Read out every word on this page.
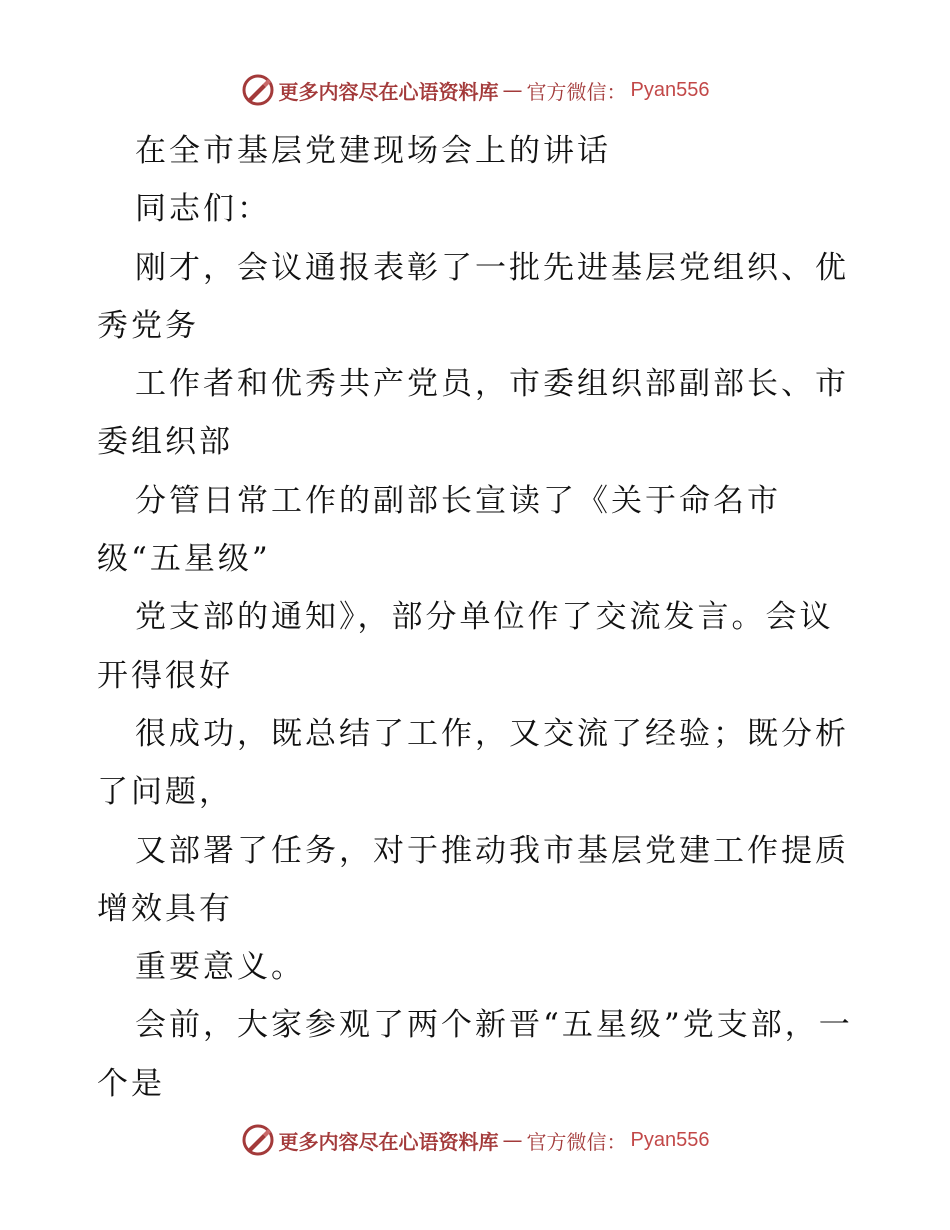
更多内容尽在心语资料库 — 官方微信： Pyan556

在全市基层党建现场会上的讲话

同志们：

刚才，会议通报表彰了一批先进基层党组织、优秀党务

工作者和优秀共产党员，市委组织部副部长、市委组织部

分管日常工作的副部长宣读了《关于命名市级“五星级”

党支部的通知》，部分单位作了交流发言。会议开得很好

很成功，既总结了工作，又交流了经验；既分析了问题，

又部署了任务，对于推动我市基层党建工作提质增效具有

重要意义。

会前，大家参观了两个新晋“五星级”党支部，一个是

更多内容尽在心语资料库 — 官方微信： Pyan556
